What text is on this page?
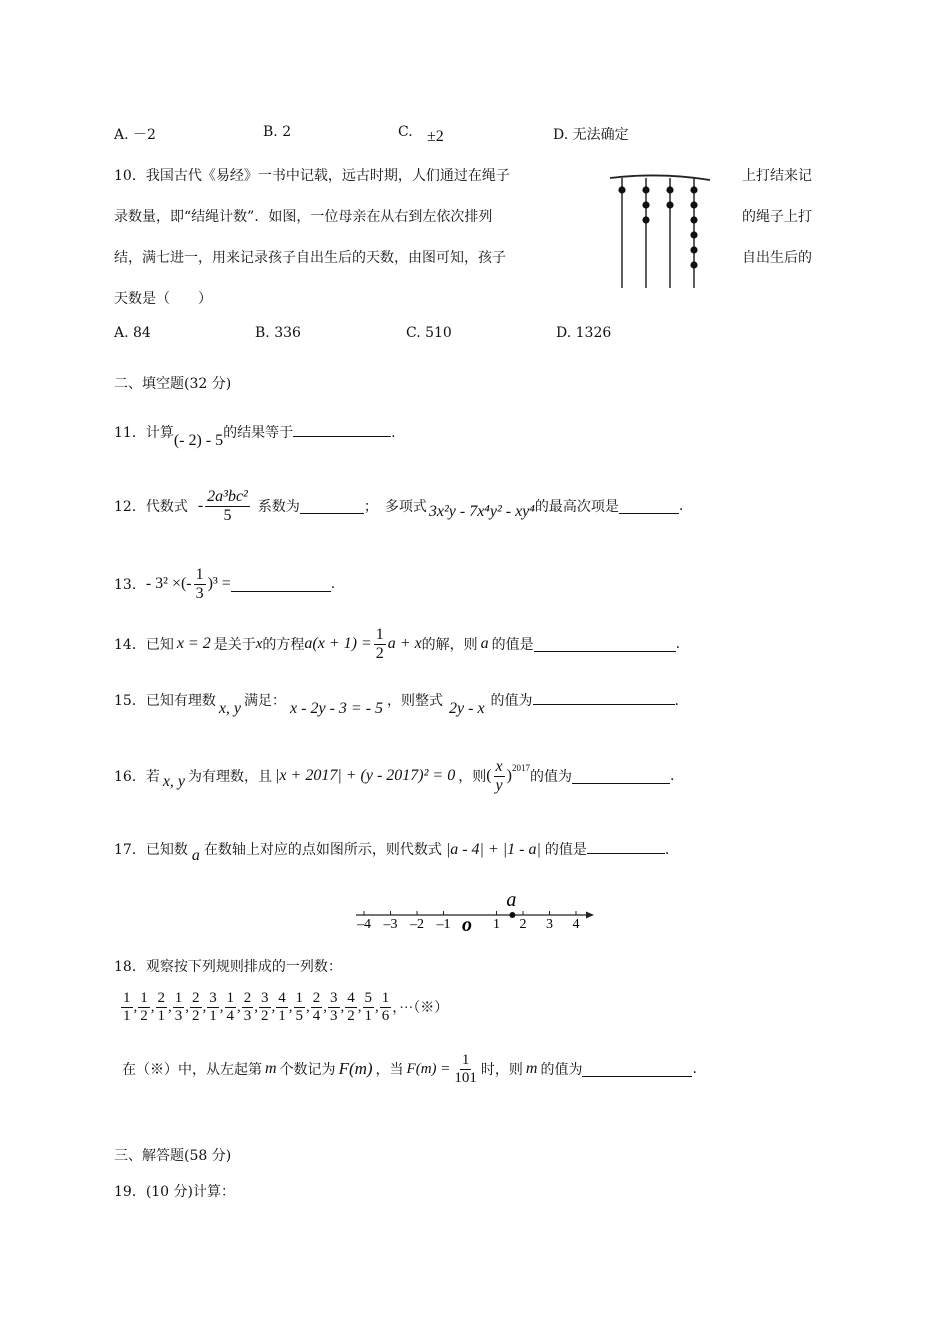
A. －2	B. 2	C. ±2	D. 无法确定
10．我国古代《易经》一书中记载，远古时期，人们通过在绳子	上打结来记
录数量，即“结绳计数”．如图，一位母亲在从右到左依次排列	的绳子上打
结，满七进一，用来记录孩子自出生后的天数，由图可知，孩子	自出生后的
天数是（　　）
A. 84	B. 336	C. 510	D. 1326
二、填空题(32 分)
11．计算(- 2) - 5的结果等于	.
12．代数式 - $\frac{\text{2a³bc²}}{5}$ 系数为	；　多项式 3x²y - 7x⁴y² - xy⁴ 的最高次项是	.
13． - 3² ×(- $\frac{1}{3} )^3$ =	.
14．已知 x = 2 是关于 x 的方程 $a(x + 1) = \frac{1}{2}$ a + x 的解，则 a 的值是	.
15．已知有理数 x, y 满足： x - 2y - 3 = - 5 ，则整式 2y - x 的值为	.
16．若 x, y 为有理数，且 |x + 2017| + (y - 2017)² = 0 ，则 ( $\frac{x}{y}$ ) 2017
的值为	.
17．已知数 a 在数轴上对应的点如图所示，则代数式 |a - 4| + |1 - a| 的值是	.
–4 –3 –2 –1	1 2 3 4
a
o
18．观察按下列规则排成的一列数：
$\frac{1}{1}$ , $\frac{1}{2}$ , $\frac{2}{1}$ , $\frac{1}{3}$ , $\frac{2}{2}$ , $\frac{3}{1}$ , $\frac{1}{4}$ , $\frac{2}{3}$ , $\frac{3}{2}$ , $\frac{4}{1}$ , $\frac{1}{5}$ , $\frac{2}{4}$ , $\frac{3}{3}$ , $\frac{4}{2}$ , $\frac{5}{1}$ , $\frac{1}{6}$ ，···（※）
在（※）中，从左起第 m 个数记为 F(m) ，当 $F(m) = \frac{1}{101}$ 时，则 m 的值为	.
三、解答题(58 分)
19．(10 分)计算：
